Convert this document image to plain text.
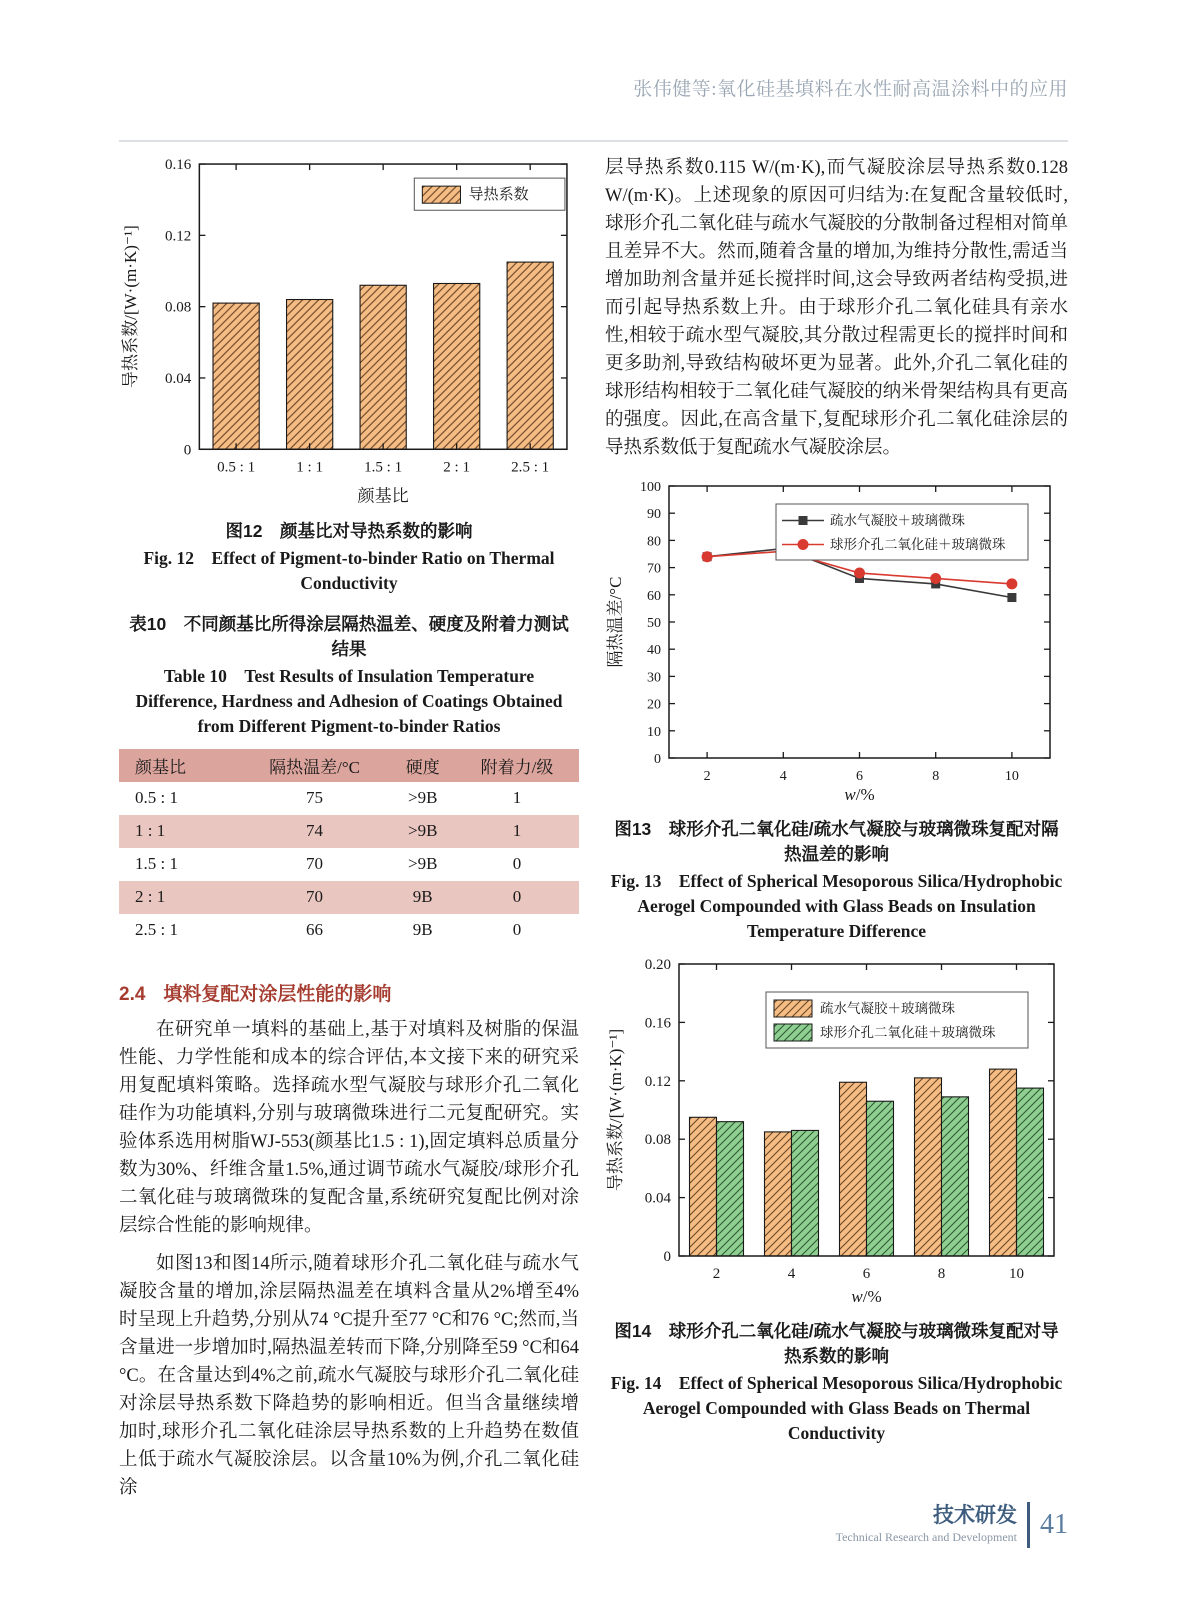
张伟健等:氧化硅基填料在水性耐高温涂料中的应用
0
0.04
0.08
0.12
0.16
导热系数/[W·(m·K)⁻¹]
颜基比
0.5 : 1	1 : 1	1.5 : 1	2 : 1	2.5 : 1
导热系数
图12　颜基比对导热系数的影响
Fig. 12　Effect of Pigment-to-binder Ratio on Thermal Conductivity
表10　不同颜基比所得涂层隔热温差、硬度及附着力测试结果
Table 10　Test Results of Insulation Temperature Difference, Hardness and Adhesion of Coatings Obtained from Different Pigment-to-binder Ratios
颜基比	隔热温差/°C	硬度	附着力/级
0.5 : 1	75	>9B	1
1 : 1	74	>9B	1
1.5 : 1	70	>9B	0
2 : 1	70	9B	0
2.5 : 1	66	9B	0
2.4 填料复配对涂层性能的影响

在研究单一填料的基础上,基于对填料及树脂的保温性能、力学性能和成本的综合评估,本文接下来的研究采用复配填料策略。选择疏水型气凝胶与球形介孔二氧化硅作为功能填料,分别与玻璃微珠进行二元复配研究。实验体系选用树脂WJ-553(颜基比1.5 : 1),固定填料总质量分数为30%、纤维含量1.5%,通过调节疏水气凝胶/球形介孔二氧化硅与玻璃微珠的复配含量,系统研究复配比例对涂层综合性能的影响规律。

如图13和图14所示,随着球形介孔二氧化硅与疏水气凝胶含量的增加,涂层隔热温差在填料含量从2%增至4%时呈现上升趋势,分别从74 °C提升至77 °C和76 °C;然而,当含量进一步增加时,隔热温差转而下降,分别降至59 °C和64 °C。在含量达到4%之前,疏水气凝胶与球形介孔二氧化硅对涂层导热系数下降趋势的影响相近。但当含量继续增加时,球形介孔二氧化硅涂层导热系数的上升趋势在数值上低于疏水气凝胶涂层。以含量10%为例,介孔二氧化硅涂

层导热系数0.115 W/(m·K),而气凝胶涂层导热系数0.128 W/(m·K)。上述现象的原因可归结为:在复配含量较低时,球形介孔二氧化硅与疏水气凝胶的分散制备过程相对简单且差异不大。然而,随着含量的增加,为维持分散性,需适当增加助剂含量并延长搅拌时间,这会导致两者结构受损,进而引起导热系数上升。由于球形介孔二氧化硅具有亲水性,相较于疏水型气凝胶,其分散过程需更长的搅拌时间和更多助剂,导致结构破坏更为显著。此外,介孔二氧化硅的球形结构相较于二氧化硅气凝胶的纳米骨架结构具有更高的强度。因此,在高含量下,复配球形介孔二氧化硅涂层的导热系数低于复配疏水气凝胶涂层。

0
10
20
30
40
50
60
70
80
90
100
隔热温差/°C
w/%
2	4	6	8	10
疏水气凝胶＋玻璃微珠
球形介孔二氧化硅＋玻璃微珠
图13　球形介孔二氧化硅/疏水气凝胶与玻璃微珠复配对隔热温差的影响
Fig. 13　Effect of Spherical Mesoporous Silica/Hydrophobic Aerogel Compounded with Glass Beads on Insulation Temperature Difference
0
0.04
0.08
0.12
0.16
0.20
导热系数/[W·(m·K)⁻¹]
w/%
2	4	6	8	10
疏水气凝胶＋玻璃微珠
球形介孔二氧化硅＋玻璃微珠
图14　球形介孔二氧化硅/疏水气凝胶与玻璃微珠复配对导热系数的影响
Fig. 14　Effect of Spherical Mesoporous Silica/Hydrophobic Aerogel Compounded with Glass Beads on Thermal Conductivity
技术研发
Technical Research and Development 41
